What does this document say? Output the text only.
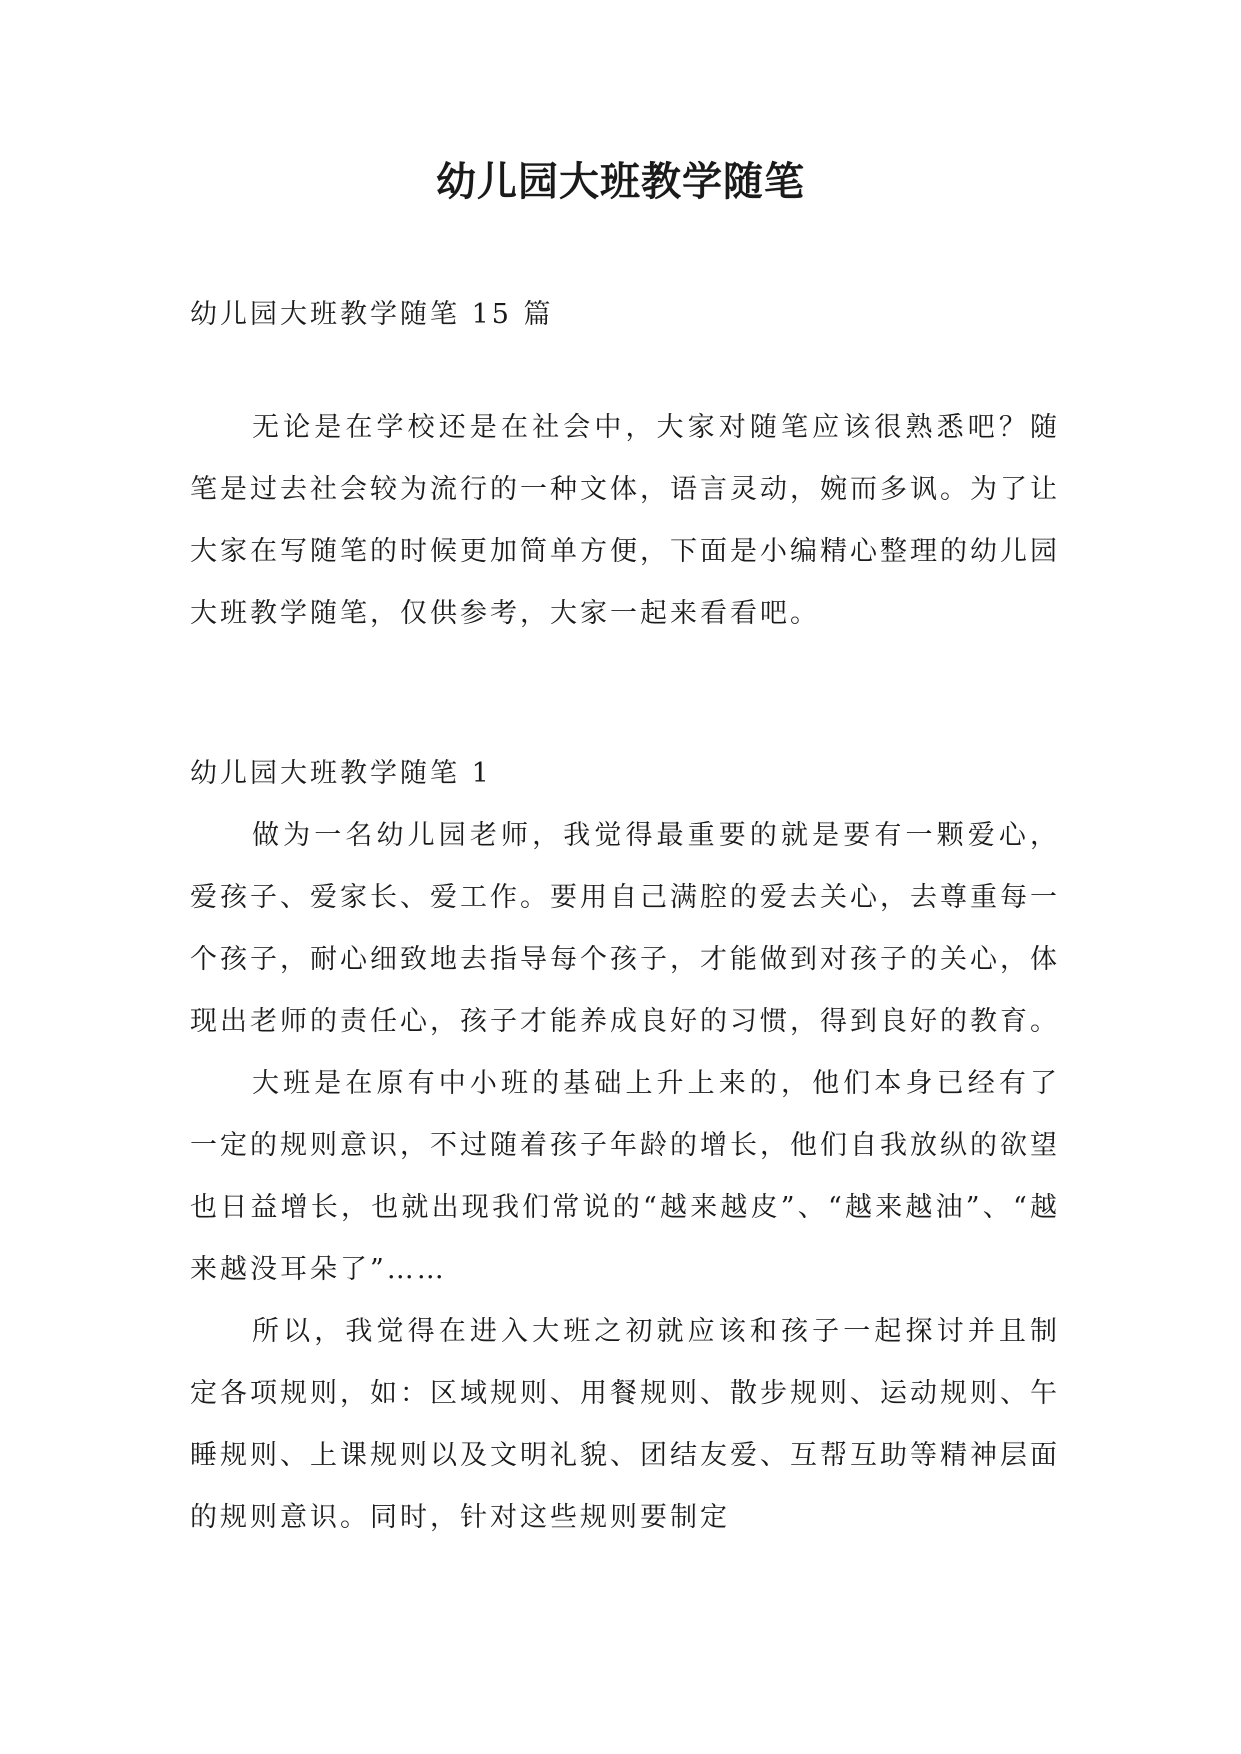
幼儿园大班教学随笔

幼儿园大班教学随笔 15 篇

无论是在学校还是在社会中，大家对随笔应该很熟悉吧？随笔是过去社会较为流行的一种文体，语言灵动，婉而多讽。为了让大家在写随笔的时候更加简单方便，下面是小编精心整理的幼儿园大班教学随笔，仅供参考，大家一起来看看吧。

幼儿园大班教学随笔 1

做为一名幼儿园老师，我觉得最重要的就是要有一颗爱心，爱孩子、爱家长、爱工作。要用自己满腔的爱去关心，去尊重每一个孩子，耐心细致地去指导每个孩子，才能做到对孩子的关心，体现出老师的责任心，孩子才能养成良好的习惯，得到良好的教育。

大班是在原有中小班的基础上升上来的，他们本身已经有了一定的规则意识，不过随着孩子年龄的增长，他们自我放纵的欲望也日益增长，也就出现我们常说的“越来越皮”、“越来越油”、“越来越没耳朵了”……

所以，我觉得在进入大班之初就应该和孩子一起探讨并且制定各项规则，如：区域规则、用餐规则、散步规则、运动规则、午睡规则、上课规则以及文明礼貌、团结友爱、互帮互助等精神层面的规则意识。同时，针对这些规则要制定
